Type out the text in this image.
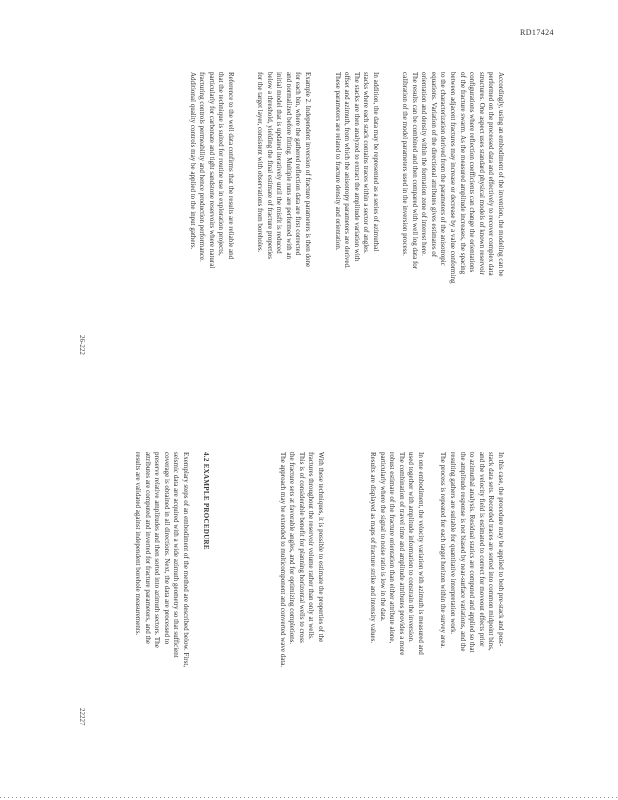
RD17424
26-222
22227

Accordingly, using an embodiment of the invention, the modeling can be

performed on the processed data and effectively to recover complex data

structures. One aspect uses standard physical models of known reservoir

configurations where reflection coefficients can change the orientations

of the fracture swarm. As the measured amplitude increases, the spacing

between adjacent fractures may increase or decrease by a value conforming

to the characterization derived from the parameters of the anisotropic

equations. Variation of the directional attributes gives estimates of

orientation and density within the formation zone of interest here.

The results can be combined and then compared with well log data for

calibration of the model parameters used in the inversion process.

In addition, the data may be represented as a series of azimuthal

stacks where each stack contains traces within a sector of angles.

The stacks are then analyzed to extract the amplitude variation with

offset and azimuth, from which the anisotropy parameters are derived.

These parameters are related to fracture density and orientation.

Example 2. Independent inversion of fracture parameters is then done

for each bin, where the gathered reflection data are first corrected

and normalized before fitting. Multiple runs are performed with an

initial model that is updated iteratively until the misfit is reduced

below a threshold, yielding the final estimate of fracture properties

for the target layer, consistent with observations from boreholes.

Reference to the well data confirms that the results are reliable and

that the technique is suited for routine use in exploration projects,

particularly for carbonate and tight sandstone reservoirs where natural

fracturing controls permeability and hence production performance.

Additional quality controls may be applied to the input gathers.

In this case, the procedure may be applied to both pre-stack and post-

stack data sets. Recorded traces are sorted into common midpoint bins,

and the velocity field is estimated to correct for moveout effects prior

to azimuthal analysis. Residual statics are computed and applied so that

the amplitude response is not biased by near-surface variations, and the

resulting gathers are suitable for quantitative interpretation work.

The process is repeated for each target horizon within the survey area.

In one embodiment, the velocity variation with azimuth is measured and

used together with amplitude information to constrain the inversion.

The combination of travel time and amplitude attributes provides a more

robust estimate of the fracture orientation than either attribute alone,

particularly where the signal to noise ratio is low in the data.

Results are displayed as maps of fracture strike and intensity values.

With these techniques, it is possible to estimate the properties of the

fractures throughout the reservoir volume rather than only at wells.

This is of considerable benefit for planning horizontal wells to cross

the fracture sets at favorable angles, and for optimizing completions.

The approach may be extended to multicomponent and converted wave data.

4.2 EXAMPLE PROCEDURE

Exemplary steps of an embodiment of the method are described below. First,

seismic data are acquired with a wide azimuth geometry so that sufficient

coverage is obtained in all directions. Next, the data are processed to

preserve relative amplitudes and then sorted into azimuth sectors. The

attributes are computed and inverted for fracture parameters, and the

results are validated against independent borehole measurements.
